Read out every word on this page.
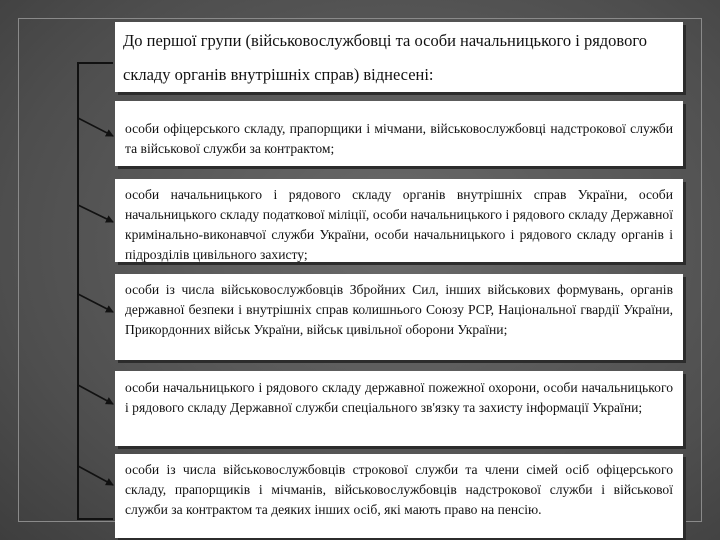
До першої групи (військовослужбовці та особи начальницького і рядового складу органів внутрішніх справ) віднесені:

особи офіцерського складу, прапорщики і мічмани, військовослужбовці надстрокової служби та військової служби за контрактом;

особи начальницького і рядового складу органів внутрішніх справ України, особи начальницького складу податкової міліції, особи начальницького і рядового складу Державної кримінально-виконавчої служби України, особи начальницького і рядового складу органів і підрозділів цивільного захисту;

особи із числа військовослужбовців Збройних Сил, інших військових формувань, органів державної безпеки і внутрішніх справ колишнього Союзу РСР, Національної гвардії України, Прикордонних військ України, військ цивільної оборони України;

особи начальницького і рядового складу державної пожежної охорони, особи начальницького і рядового складу Державної служби спеціального зв'язку та захисту інформації України;

особи із числа військовослужбовців строкової служби та члени сімей осіб офіцерського складу, прапорщиків і мічманів, військовослужбовців надстрокової служби і військової служби за контрактом та деяких інших осіб, які мають право на пенсію.
